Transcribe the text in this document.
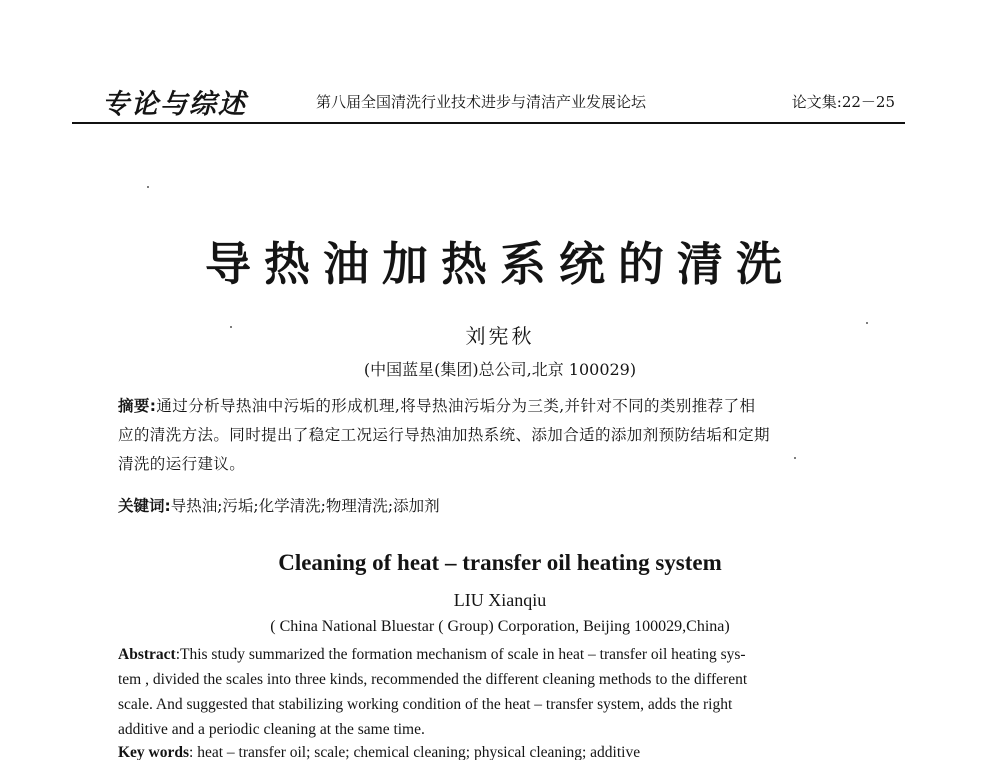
专论与综述	第八届全国清洗行业技术进步与清洁产业发展论坛	论文集:22－25
导热油加热系统的清洗
刘宪秋
(中国蓝星(集团)总公司,北京 100029)
摘要:通过分析导热油中污垢的形成机理,将导热油污垢分为三类,并针对不同的类别推荐了相
应的清洗方法。同时提出了稳定工况运行导热油加热系统、添加合适的添加剂预防结垢和定期
清洗的运行建议。
关键词:导热油;污垢;化学清洗;物理清洗;添加剂
Cleaning of heat – transfer oil heating system
LIU Xianqiu
( China National Bluestar ( Group) Corporation, Beijing 100029,China)
Abstract:This study summarized the formation mechanism of scale in heat – transfer oil heating sys-
tem , divided the scales into three kinds, recommended the different cleaning methods to the different
scale. And suggested that stabilizing working condition of the heat – transfer system, adds the right
additive and a periodic cleaning at the same time.
Key words: heat – transfer oil; scale; chemical cleaning; physical cleaning; additive
